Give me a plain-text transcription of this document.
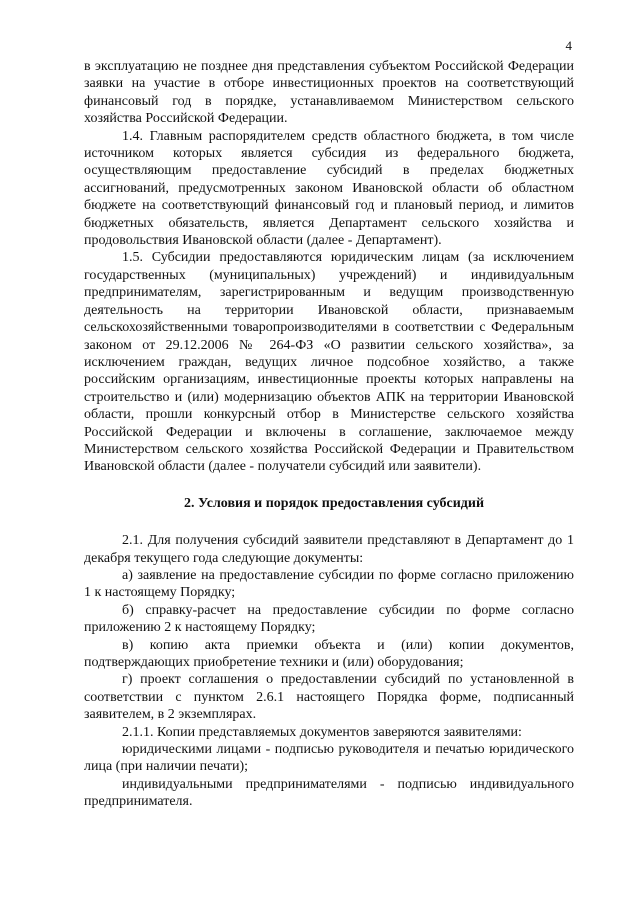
4

в эксплуатацию не позднее дня представления субъектом Российской Федерации заявки на участие в отборе инвестиционных проектов на соответствующий финансовый год в порядке, устанавливаемом Министерством сельского хозяйства Российской Федерации.

1.4. Главным распорядителем средств областного бюджета, в том числе источником которых является субсидия из федерального бюджета, осуществляющим предоставление субсидий в пределах бюджетных ассигнований, предусмотренных законом Ивановской области об областном бюджете на соответствующий финансовый год и плановый период, и лимитов бюджетных обязательств, является Департамент сельского хозяйства и продовольствия Ивановской области (далее - Департамент).

1.5. Субсидии предоставляются юридическим лицам (за исключением государственных (муниципальных) учреждений) и индивидуальным предпринимателям, зарегистрированным и ведущим производственную деятельность на территории Ивановской области, признаваемым сельскохозяйственными товаропроизводителями в соответствии с Федеральным законом от 29.12.2006 № 264-ФЗ «О развитии сельского хозяйства», за исключением граждан, ведущих личное подсобное хозяйство, а также российским организациям, инвестиционные проекты которых направлены на строительство и (или) модернизацию объектов АПК на территории Ивановской области, прошли конкурсный отбор в Министерстве сельского хозяйства Российской Федерации и включены в соглашение, заключаемое между Министерством сельского хозяйства Российской Федерации и Правительством Ивановской области (далее - получатели субсидий или заявители).

2. Условия и порядок предоставления субсидий

2.1. Для получения субсидий заявители представляют в Департамент до 1 декабря текущего года следующие документы:

а) заявление на предоставление субсидии по форме согласно приложению 1 к настоящему Порядку;

б) справку-расчет на предоставление субсидии по форме согласно приложению 2 к настоящему Порядку;

в) копию акта приемки объекта и (или) копии документов, подтверждающих приобретение техники и (или) оборудования;

г) проект соглашения о предоставлении субсидий по установленной в соответствии с пунктом 2.6.1 настоящего Порядка форме, подписанный заявителем, в 2 экземплярах.

2.1.1. Копии представляемых документов заверяются заявителями:

юридическими лицами - подписью руководителя и печатью юридического лица (при наличии печати);

индивидуальными предпринимателями - подписью индивидуального предпринимателя.
